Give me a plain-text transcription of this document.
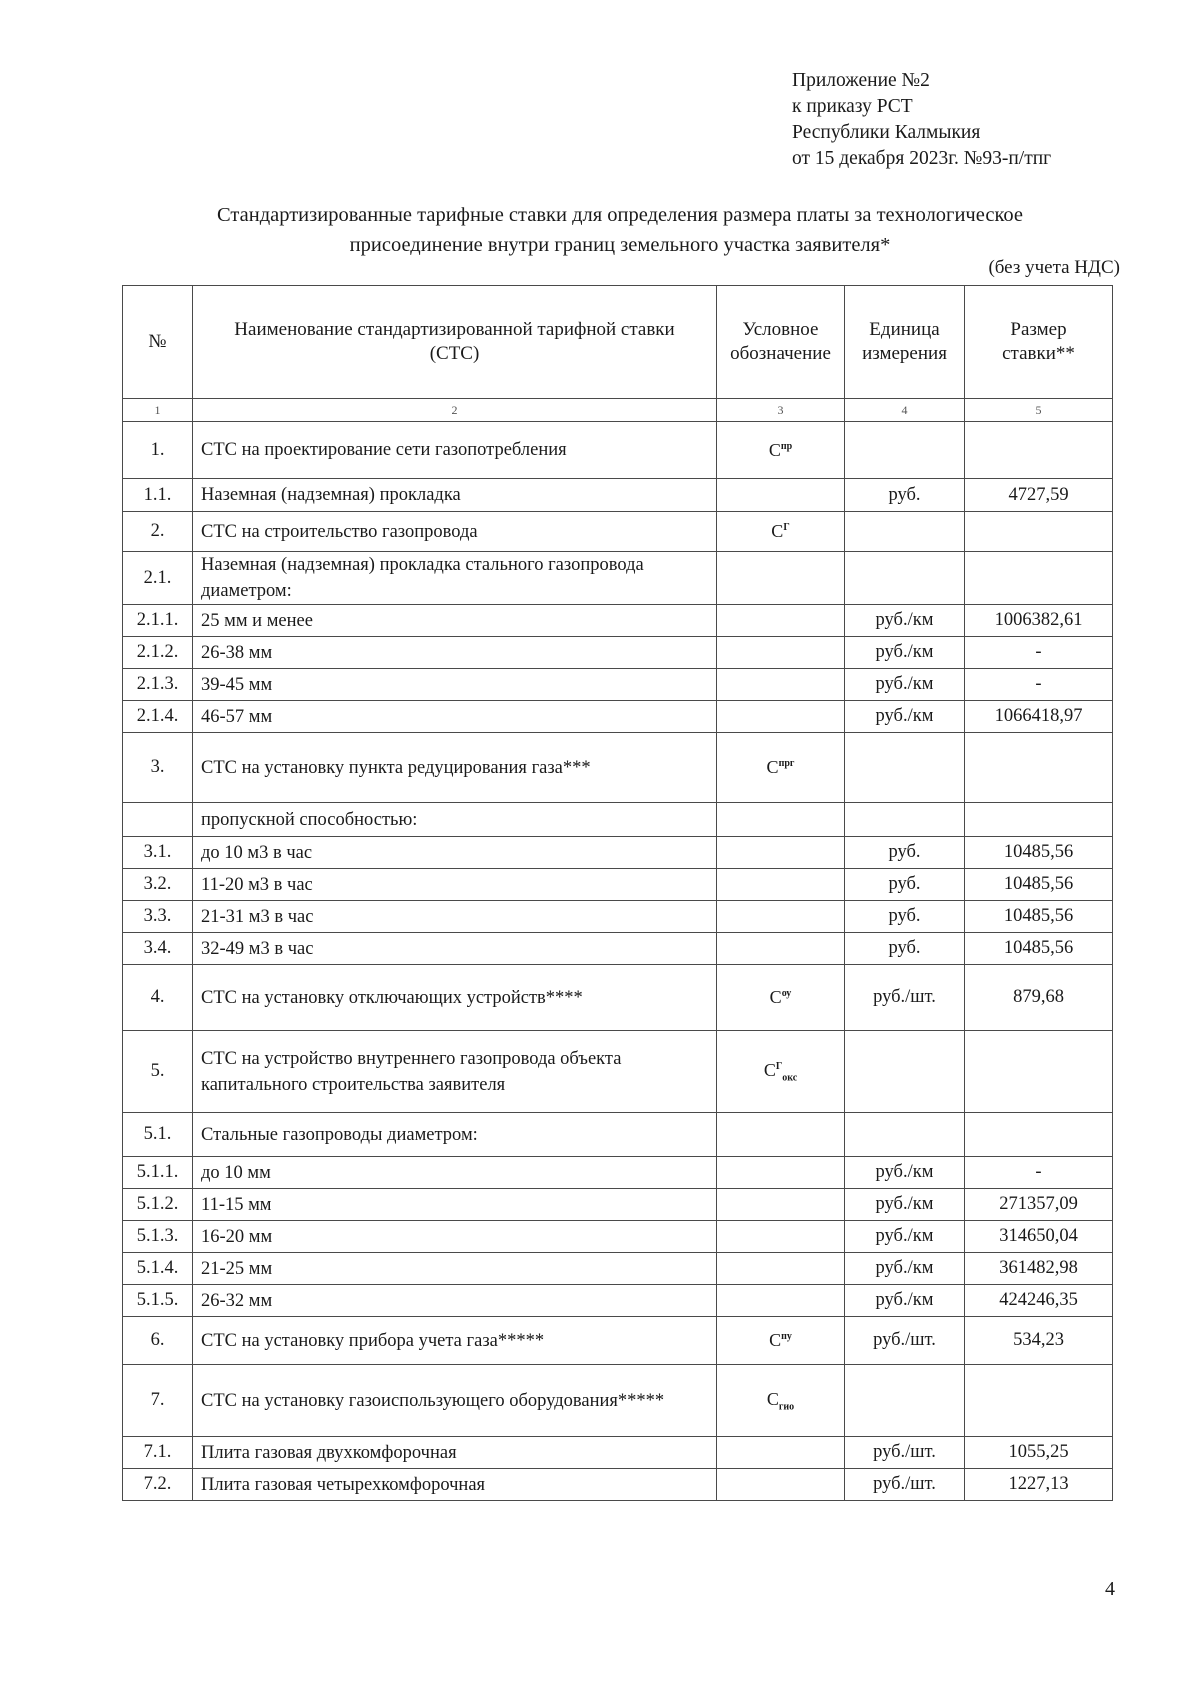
Приложение №2
к приказу РСТ
Республики Калмыкия
от 15 декабря 2023г. №93-п/тпг
Стандартизированные тарифные ставки для определения размера платы за технологическое
присоединение внутри границ земельного участка заявителя*
(без учета НДС)
№	Наименование стандартизированной тарифной ставки (СТС)	Условное обозначение	Единица измерения	Размер ставки**
1	2	3	4	5
1.	СТС на проектирование сети газопотребления	$С^{пр}$		
1.1.	Наземная (надземная) прокладка		руб.	4727,59
2.	СТС на строительство газопровода	$С^Г$		
2.1.	Наземная (надземная) прокладка стального газопровода диаметром:			
2.1.1.	25 мм и менее		руб./км	1006382,61
2.1.2.	26-38 мм		руб./км	-
2.1.3.	39-45 мм		руб./км	-
2.1.4.	46-57 мм		руб./км	1066418,97
3.	СТС на установку пункта редуцирования газа***	$С^{прг}$		
	пропускной способностью:			
3.1.	до 10 м3 в час		руб.	10485,56
3.2.	11-20 м3 в час		руб.	10485,56
3.3.	21-31 м3 в час		руб.	10485,56
3.4.	32-49 м3 в час		руб.	10485,56
4.	СТС на установку отключающих устройств****	$С^{оу}$	руб./шт.	879,68
5.	СТС на устройство внутреннего газопровода объекта капитального строительства заявителя	$С^Г_{окс}$		
5.1.	Стальные газопроводы диаметром:			
5.1.1.	до 10 мм		руб./км	-
5.1.2.	11-15 мм		руб./км	271357,09
5.1.3.	16-20 мм		руб./км	314650,04
5.1.4.	21-25 мм		руб./км	361482,98
5.1.5.	26-32 мм		руб./км	424246,35
6.	СТС на установку прибора учета газа*****	$С^{пу}$	руб./шт.	534,23
7.	СТС на установку газоиспользующего оборудования*****	$С_{гио}$		
7.1.	Плита газовая двухкомфорочная		руб./шт.	1055,25
7.2.	Плита газовая четырехкомфорочная		руб./шт.	1227,13
4
